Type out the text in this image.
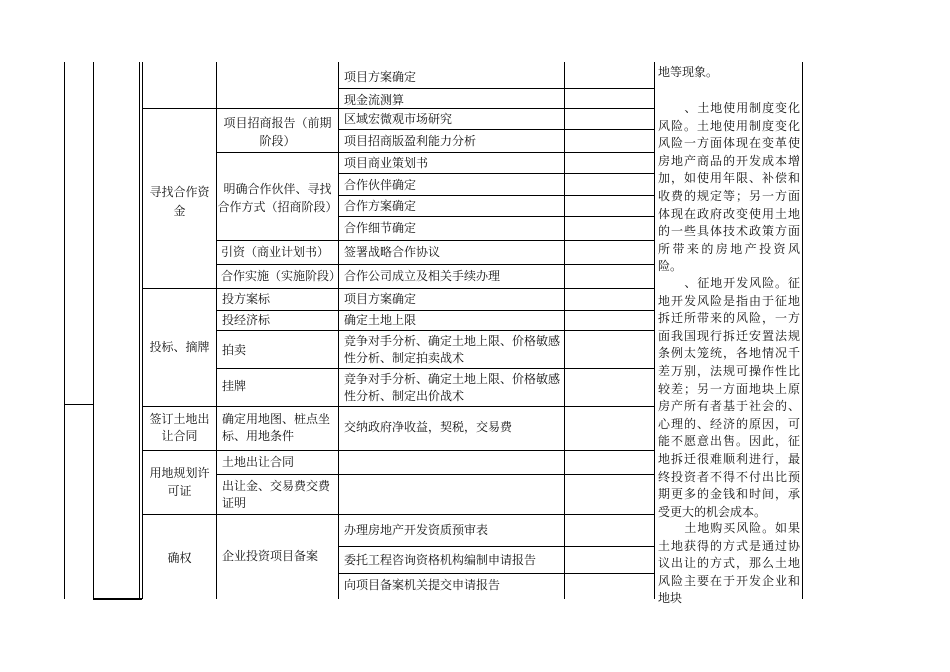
寻找合作资
金
投标、摘牌
签订土地出
让合同
用地规划许
可证
确权
项目招商报告（前期
阶段）
明确合作伙伴、寻找
合作方式（招商阶段）
引资（商业计划书）
合作实施（实施阶段）
投方案标
投经济标
拍卖
挂牌
确定用地图、桩点坐
标、用地条件
土地出让合同
出让金、交易费交费
证明
企业投资项目备案
项目方案确定
现金流测算
区域宏微观市场研究
项目招商版盈利能力分析
项目商业策划书
合作伙伴确定
合作方案确定
合作细节确定
签署战略合作协议
合作公司成立及相关手续办理
项目方案确定
确定土地上限
竞争对手分析、确定土地上限、价格敏感
性分析、制定拍卖战术
竞争对手分析、确定土地上限、价格敏感
性分析、制定出价战术
交纳政府净收益，契税，交易费
办理房地产开发资质预审表
委托工程咨询资格机构编制申请报告
向项目备案机关提交申请报告
地等现象。
、土地使用制度变化风险。土地使用制度变化风险一方面体现在变革使房地产商品的开发成本增加，如使用年限、补偿和收费的规定等；另一方面体现在政府改变使用土地的一些具体技术政策方面所带来的房地产投资风险。
、征地开发风险。征地开发风险是指由于征地拆迁所带来的风险，一方面我国现行拆迁安置法规条例太笼统，各地情况千差万别，法规可操作性比较差；另一方面地块上原房产所有者基于社会的、心理的、经济的原因，可能不愿意出售。因此，征地拆迁很难顺利进行，最终投资者不得不付出比预期更多的金钱和时间，承受更大的机会成本。
土地购买风险。如果土地获得的方式是通过协议出让的方式，那么土地风险主要在于开发企业和地块
